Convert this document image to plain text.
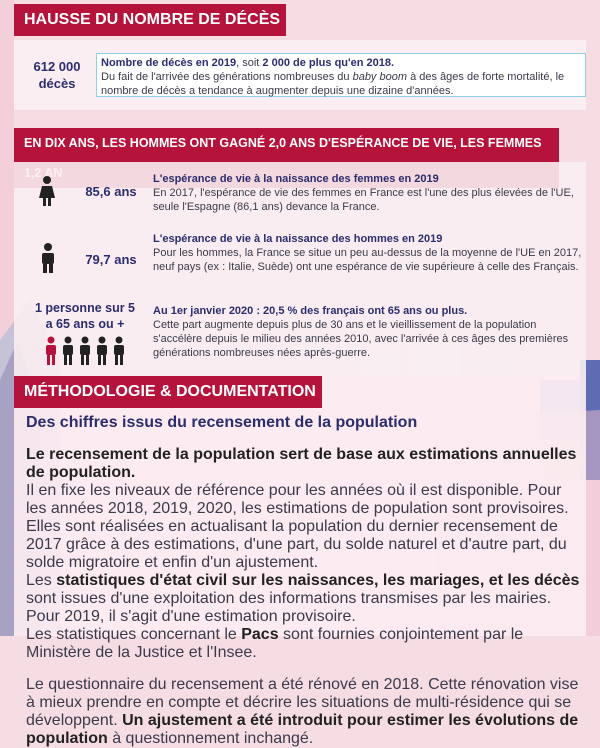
HAUSSE DU NOMBRE DE DÉCÈS
612 000
décès
Nombre de décès en 2019, soit 2 000 de plus qu'en 2018.
Du fait de l'arrivée des générations nombreuses du baby boom à des âges de forte mortalité, le nombre de décès a tendance à augmenter depuis une dizaine d'années.
EN DIX ANS, LES HOMMES ONT GAGNÉ 2,0 ANS D'ESPÉRANCE DE VIE, LES FEMMES
85,6 ans
L'espérance de vie à la naissance des femmes en 2019
En 2017, l'espérance de vie des femmes en France est l'une des plus élevées de l'UE, seule l'Espagne (86,1 ans) devance la France.
79,7 ans
L'espérance de vie à la naissance des hommes en 2019
Pour les hommes, la France se situe un peu au-dessus de la moyenne de l'UE en 2017, neuf pays (ex : Italie, Suède) ont une espérance de vie supérieure à celle des Français.
1 personne sur 5
a 65 ans ou +
Au 1er janvier 2020 : 20,5 % des français ont 65 ans ou plus.
Cette part augmente depuis plus de 30 ans et le vieillissement de la population s'accélère depuis le milieu des années 2010, avec l'arrivée à ces âges des premières générations nombreuses nées après-guerre.
MÉTHODOLOGIE & DOCUMENTATION

Des chiffres issus du recensement de la population

Le recensement de la population sert de base aux estimations annuelles de population.
Il en fixe les niveaux de référence pour les années où il est disponible. Pour les années 2018, 2019, 2020, les estimations de population sont provisoires. Elles sont réalisées en actualisant la population du dernier recensement de 2017 grâce à des estimations, d'une part, du solde naturel et d'autre part, du solde migratoire et enfin d'un ajustement.

Les statistiques d'état civil sur les naissances, les mariages, et les décès sont issues d'une exploitation des informations transmises par les mairies. Pour 2019, il s'agit d'une estimation provisoire.

Les statistiques concernant le Pacs sont fournies conjointement par le Ministère de la Justice et l'Insee.

Le questionnaire du recensement a été rénové en 2018. Cette rénovation vise à mieux prendre en compte et décrire les situations de multi-résidence qui se développent. Un ajustement a été introduit pour estimer les évolutions de population à questionnement inchangé.
